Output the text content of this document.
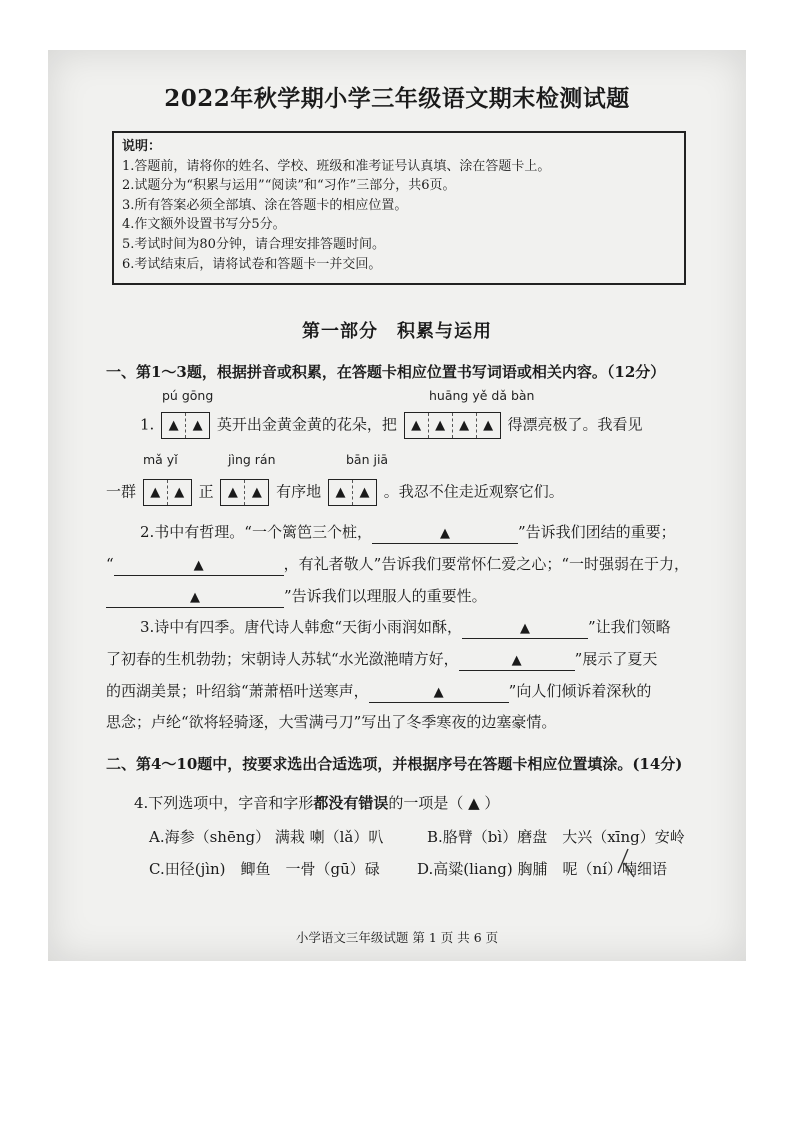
2022年秋学期小学三年级语文期末检测试题
说明：
1.答题前，请将你的姓名、学校、班级和准考证号认真填、涂在答题卡上。
2.试题分为“积累与运用”“阅读”和“习作”三部分，共6页。
3.所有答案必须全部填、涂在答题卡的相应位置。
4.作文额外设置书写分5分。
5.考试时间为80分钟，请合理安排答题时间。
6.考试结束后，请将试卷和答题卡一并交回。
第一部分　积累与运用
一、第1～3题，根据拼音或积累，在答题卡相应位置书写词语或相关内容。（12分）
pú gōng	huāng yě dǎ bàn
1.	▲	▲ 英开出金黄金黄的花朵，把	▲	▲	▲	▲ 得漂亮极了。我看见
mǎ yǐ	jìng rán	bān jiā
一群	▲	▲ 正	▲	▲ 有序地	▲	▲ 。我忍不住走近观察它们。
2.书中有哲理。“一个篱笆三个桩，	▲	”告诉我们团结的重要；
“	▲	，有礼者敬人”告诉我们要常怀仁爱之心；“一时强弱在于力，
▲	”告诉我们以理服人的重要性。
3.诗中有四季。唐代诗人韩愈“天街小雨润如酥，	▲	”让我们领略
了初春的生机勃勃；宋朝诗人苏轼“水光潋滟晴方好，	▲	”展示了夏天
的西湖美景；叶绍翁“萧萧梧叶送寒声，	▲	”向人们倾诉着深秋的
思念；卢纶“欲将轻骑逐，大雪满弓刀”写出了冬季寒夜的边塞豪情。
二、第4～10题中，按要求选出合适选项，并根据序号在答题卡相应位置填涂。(14分)
4.下列选项中，字音和字形都没有错误的一项是（ ▲ ）
A.海参（shēng） 满栽 喇（lǎ）叭	B.胳臂（bì）磨盘　大兴（xīng）安岭
C.田径(jìn)　鲫鱼　一骨（gū）碌 D.高粱(liang) 胸脯　呢（ní）喃细语
小学语文三年级试题 第 1 页 共 6 页
